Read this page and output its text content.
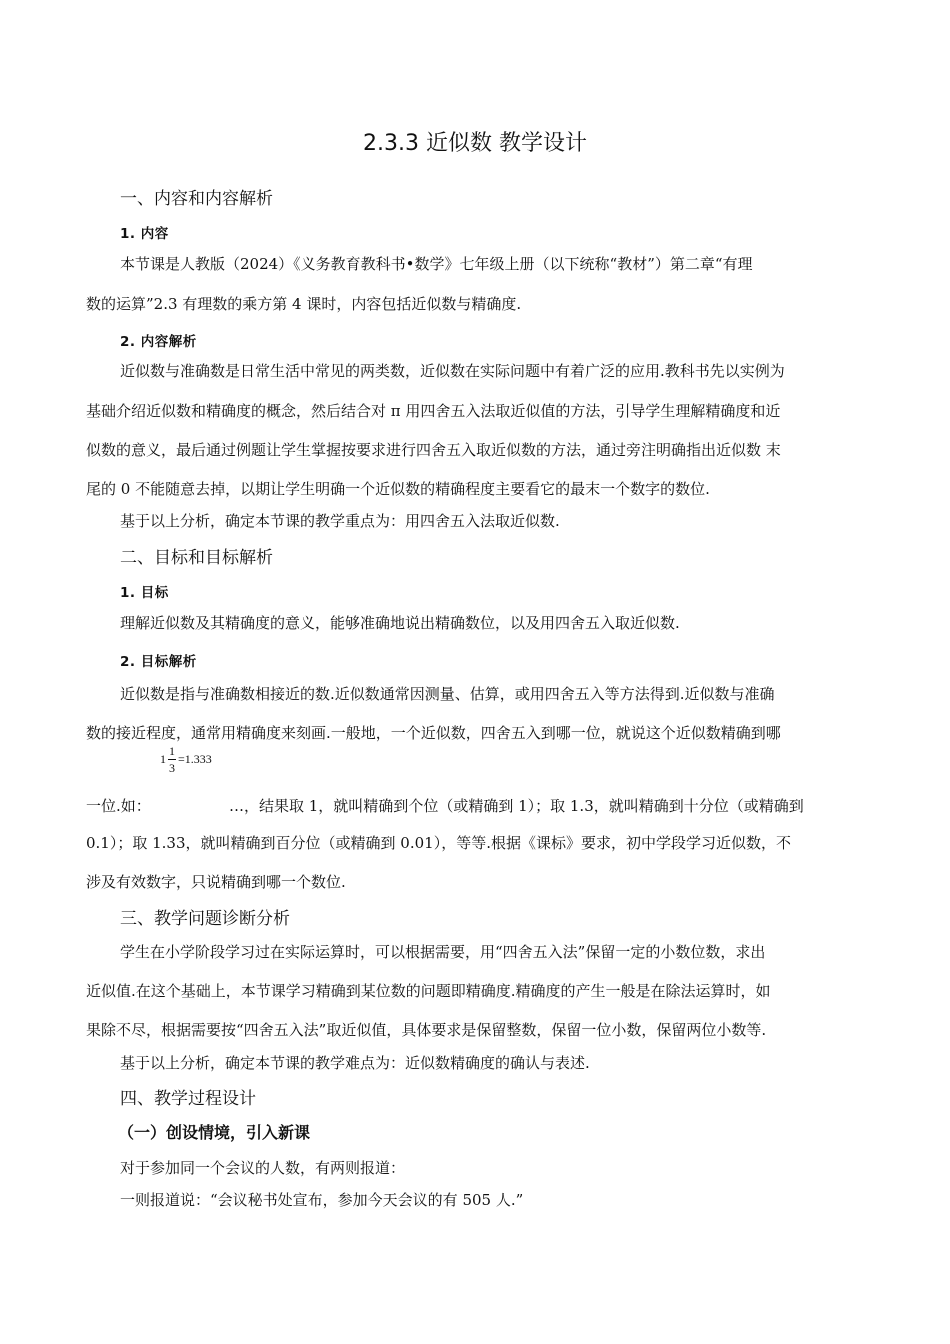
2.3.3 近似数 教学设计
一、内容和内容解析
1. 内容
本节课是人教版（2024）《义务教育教科书•数学》七年级上册（以下统称“教材”）第二章“有理
数的运算”2.3 有理数的乘方第 4 课时，内容包括近似数与精确度.
2. 内容解析
近似数与准确数是日常生活中常见的两类数，近似数在实际问题中有着广泛的应用.教科书先以实例为
基础介绍近似数和精确度的概念，然后结合对 π 用四舍五入法取近似值的方法，引导学生理解精确度和近
似数的意义，最后通过例题让学生掌握按要求进行四舍五入取近似数的方法，通过旁注明确指出近似数 末
尾的 0 不能随意去掉，以期让学生明确一个近似数的精确程度主要看它的最末一个数字的数位.
基于以上分析，确定本节课的教学重点为：用四舍五入法取近似数.
二、目标和目标解析
1. 目标
理解近似数及其精确度的意义，能够准确地说出精确数位，以及用四舍五入取近似数.
2. 目标解析
近似数是指与准确数相接近的数.近似数通常因测量、估算，或用四舍五入等方法得到.近似数与准确
数的接近程度，通常用精确度来刻画.一般地，一个近似数，四舍五入到哪一位，就说这个近似数精确到哪
一位.如：
1
1
3
=1.333
…，结果取 1，就叫精确到个位（或精确到 1）；取 1.3，就叫精确到十分位（或精确到
0.1）；取 1.33，就叫精确到百分位（或精确到 0.01），等等.根据《课标》要求，初中学段学习近似数，不
涉及有效数字，只说精确到哪一个数位.
三、教学问题诊断分析
学生在小学阶段学习过在实际运算时，可以根据需要，用“四舍五入法”保留一定的小数位数，求出
近似值.在这个基础上，本节课学习精确到某位数的问题即精确度.精确度的产生一般是在除法运算时，如
果除不尽，根据需要按“四舍五入法”取近似值，具体要求是保留整数，保留一位小数，保留两位小数等.
基于以上分析，确定本节课的教学难点为：近似数精确度的确认与表述.
四、教学过程设计
（一）创设情境，引入新课
对于参加同一个会议的人数，有两则报道：
一则报道说：“会议秘书处宣布，参加今天会议的有 505 人.”
